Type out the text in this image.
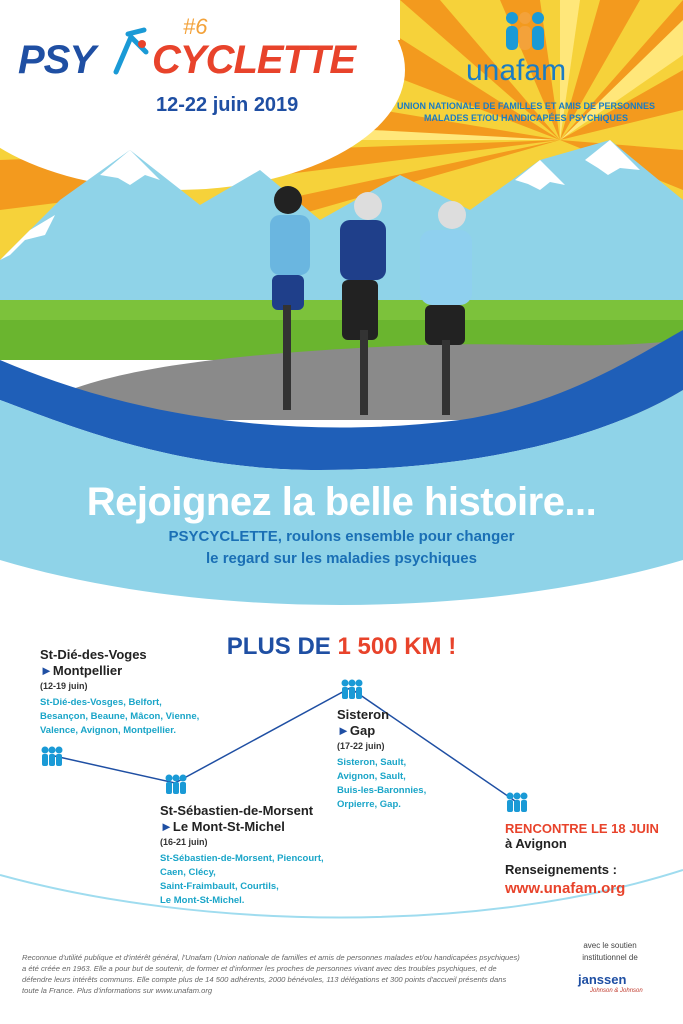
#6
PSY CYCLETTE
12-22 juin 2019
unafam
UNION NATIONALE DE FAMILLES ET AMIS DE PERSONNES MALADES ET/OU HANDICAPÉES PSYCHIQUES
Rejoignez la belle histoire...
PSYCYCLETTE, roulons ensemble pour changer
le regard sur les maladies psychiques
PLUS DE 1 500 KM !
St-Dié-des-Voges
►Montpellier
(12-19 juin)
St-Dié-des-Vosges, Belfort,
Besançon, Beaune, Mâcon, Vienne,
Valence, Avignon, Montpellier.
St-Sébastien-de-Morsent
►Le Mont-St-Michel
(16-21 juin)
St-Sébastien-de-Morsent, Piencourt,
Caen, Clécy,
Saint-Fraimbault, Courtils,
Le Mont-St-Michel.
Sisteron
►Gap
(17-22 juin)
Sisteron, Sault,
Avignon, Sault,
Buis-les-Baronnies,
Orpierre, Gap.
RENCONTRE LE 18 JUIN
à Avignon
Renseignements :
www.unafam.org
Reconnue d'utilité publique et d'intérêt général, l'Unafam (Union nationale de familles et amis de personnes malades et/ou handicapées psychiques) a été créée en 1963. Elle a pour but de soutenir, de former et d'informer les proches de personnes vivant avec des troubles psychiques, et de défendre leurs intérêts communs. Elle compte plus de 14 500 adhérents, 2000 bénévoles, 113 délégations et 300 points d'accueil présents dans toute la France. Plus d'informations sur www.unafam.org
avec le soutien
institutionnel de
janssen
Johnson & Johnson
